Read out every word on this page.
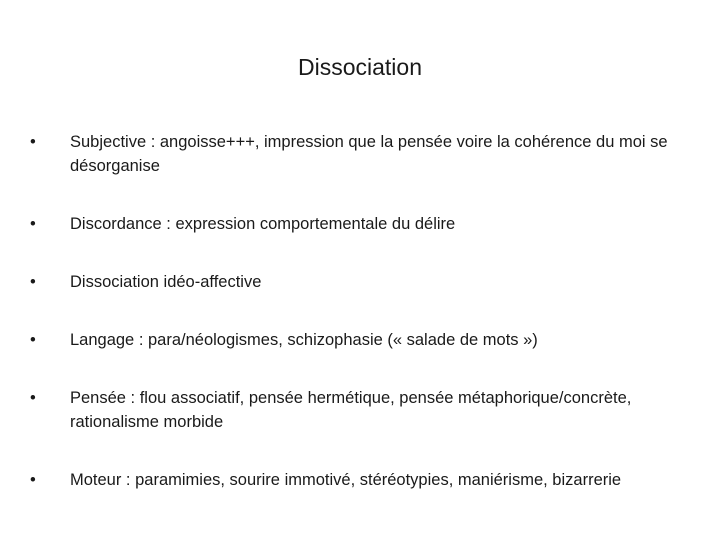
Dissociation
•	Subjective : angoisse+++, impression que la pensée voire la cohérence du moi se désorganise
•	Discordance : expression comportementale du délire
•	Dissociation idéo-affective
•	Langage : para/néologismes, schizophasie (« salade de mots »)
•	Pensée : flou associatif, pensée hermétique, pensée métaphorique/concrète, rationalisme morbide
•	Moteur : paramimies, sourire immotivé, stéréotypies, maniérisme, bizarrerie
